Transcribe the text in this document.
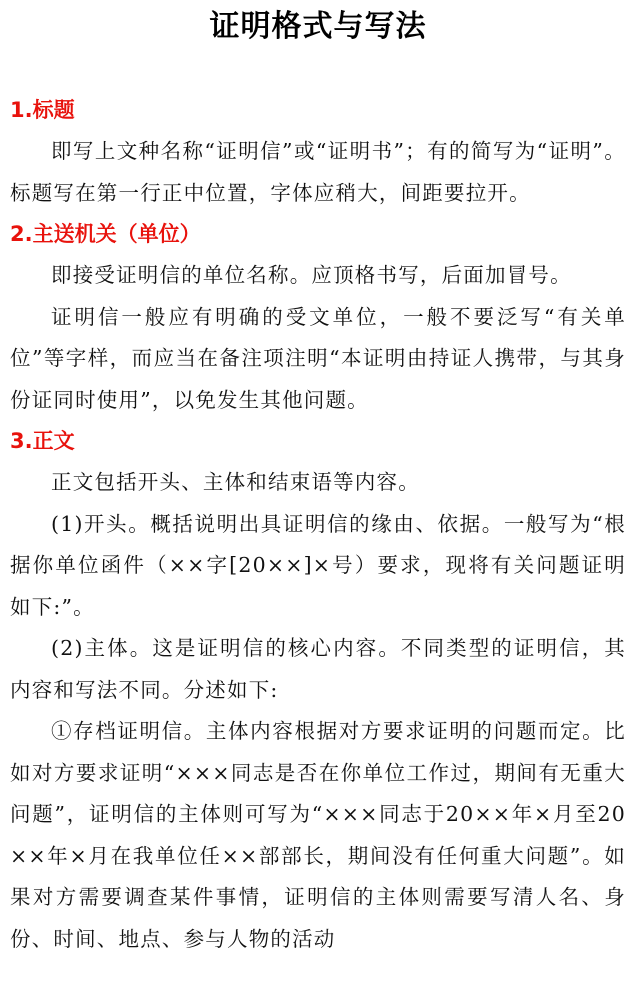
证明格式与写法
1.标题

即写上文种名称“证明信”或“证明书”；有的简写为“证明”。标题写在第一行正中位置，字体应稍大，间距要拉开。

2.主送机关（单位）

即接受证明信的单位名称。应顶格书写，后面加冒号。

证明信一般应有明确的受文单位，一般不要泛写“有关单位”等字样，而应当在备注项注明“本证明由持证人携带，与其身份证同时使用”，以免发生其他问题。

3.正文

正文包括开头、主体和结束语等内容。

(1)开头。概括说明出具证明信的缘由、依据。一般写为“根据你单位函件（××字[20××]×号）要求，现将有关问题证明如下:”。

(2)主体。这是证明信的核心内容。不同类型的证明信，其内容和写法不同。分述如下:

①存档证明信。主体内容根据对方要求证明的问题而定。比如对方要求证明“×××同志是否在你单位工作过，期间有无重大问题”，证明信的主体则可写为“×××同志于20××年×月至20××年×月在我单位任××部部长，期间没有任何重大问题”。如果对方需要调查某件事情，证明信的主体则需要写清人名、身份、时间、地点、参与人物的活动
